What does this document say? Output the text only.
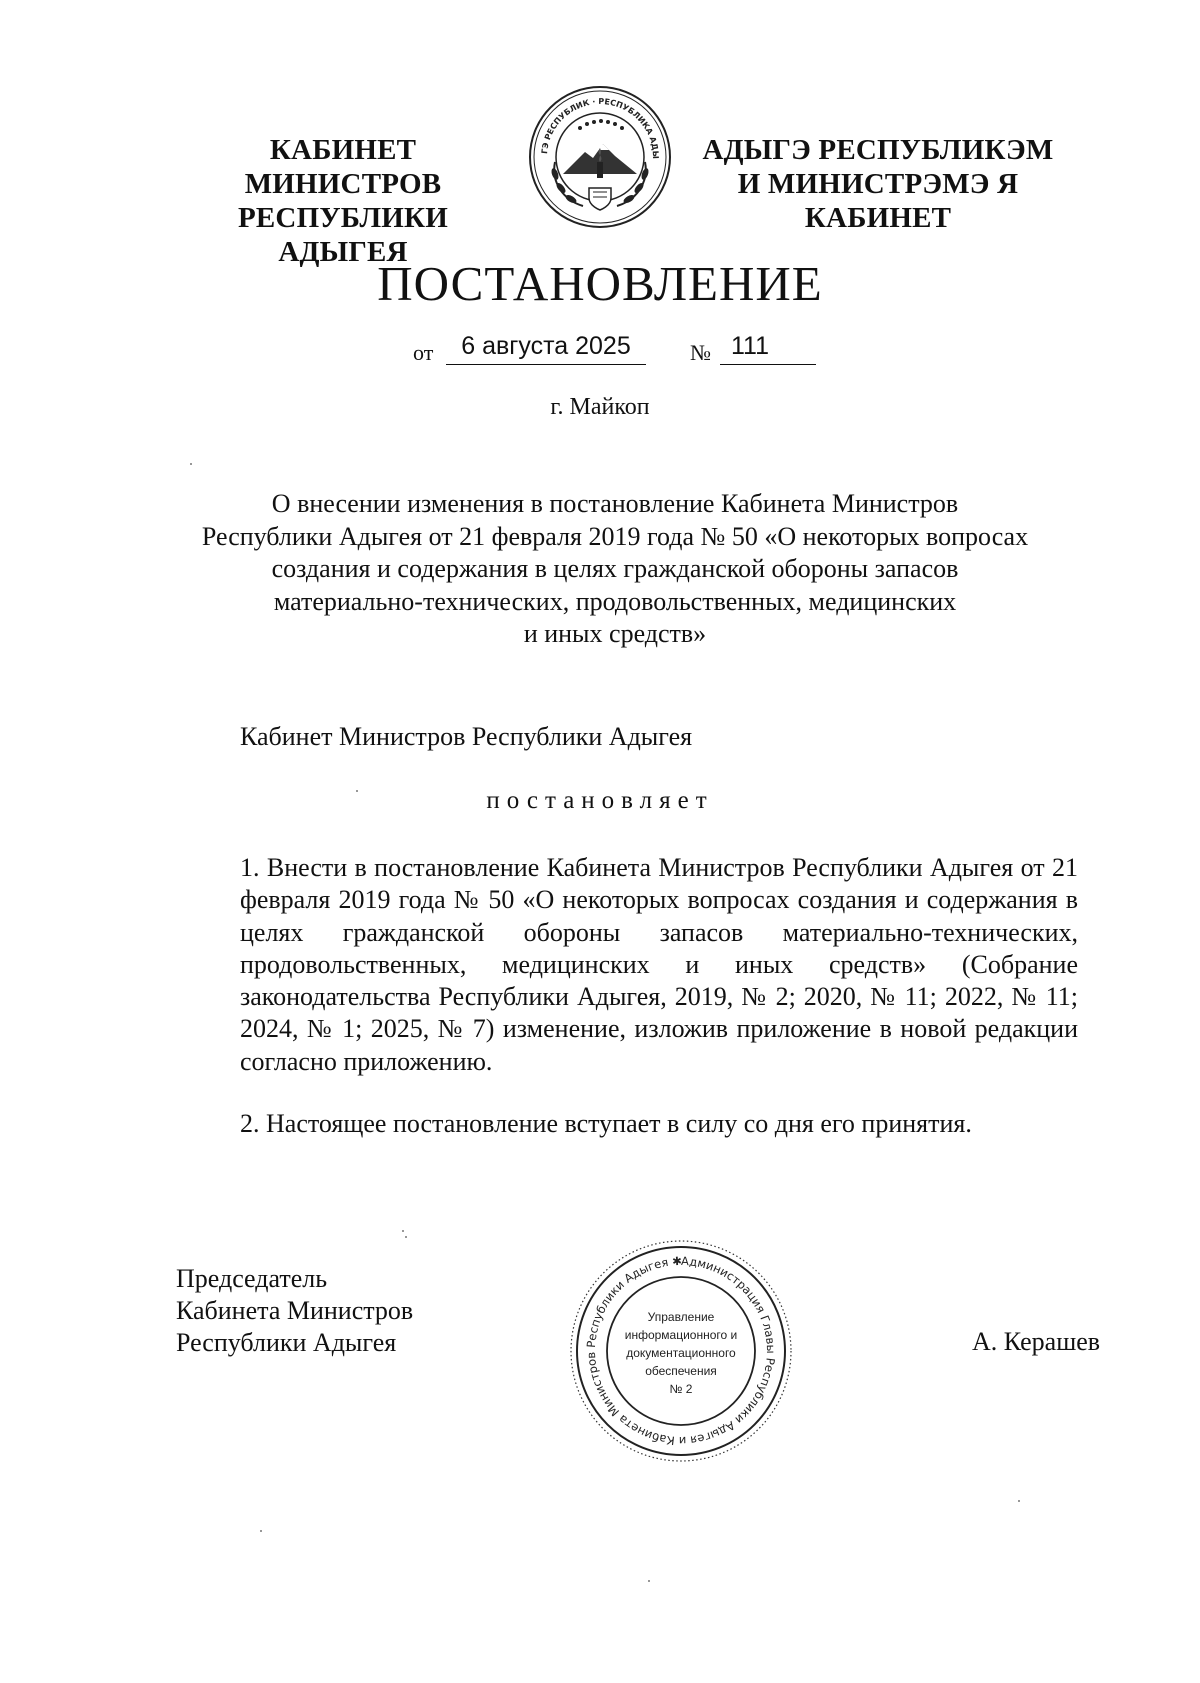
КАБИНЕТ МИНИСТРОВ
РЕСПУБЛИКИ АДЫГЕЯ
ГЭ РЕСПУБЛИК · РЕСПУБЛИКА АДЫ	АДЫГЭ РЕСПУБЛИКЭМ
И МИНИСТРЭМЭ Я КАБИНЕТ
ПОСТАНОВЛЕНИЕ
от	6 августа 2025	№ 111
г. Майкоп
О внесении изменения в постановление Кабинета Министров
Республики Адыгея от 21 февраля 2019 года № 50 «О некоторых вопросах
создания и содержания в целях гражданской обороны запасов
материально-технических, продовольственных, медицинских
и иных средств»
Кабинет Министров Республики Адыгея
постановляет
1. Внести в постановление Кабинета Министров Республики Адыгея от 21 февраля 2019 года № 50 «О некоторых вопросах создания и содержания в целях гражданской обороны запасов материально-технических, продовольственных, медицинских и иных средств» (Собрание законодательства Республики Адыгея, 2019, № 2; 2020, № 11; 2022, № 11; 2024, № 1; 2025, № 7) изменение, изложив приложение в новой редакции согласно приложению.
2. Настоящее постановление вступает в силу со дня его принятия.
Председатель
Кабинета Министров
Республики Адыгея
Администрация Главы Республики Адыгея и Кабинета Министров Республики Адыгея ✱
Управление
информационного и
документационного
обеспечения
№ 2
А. Керашев
